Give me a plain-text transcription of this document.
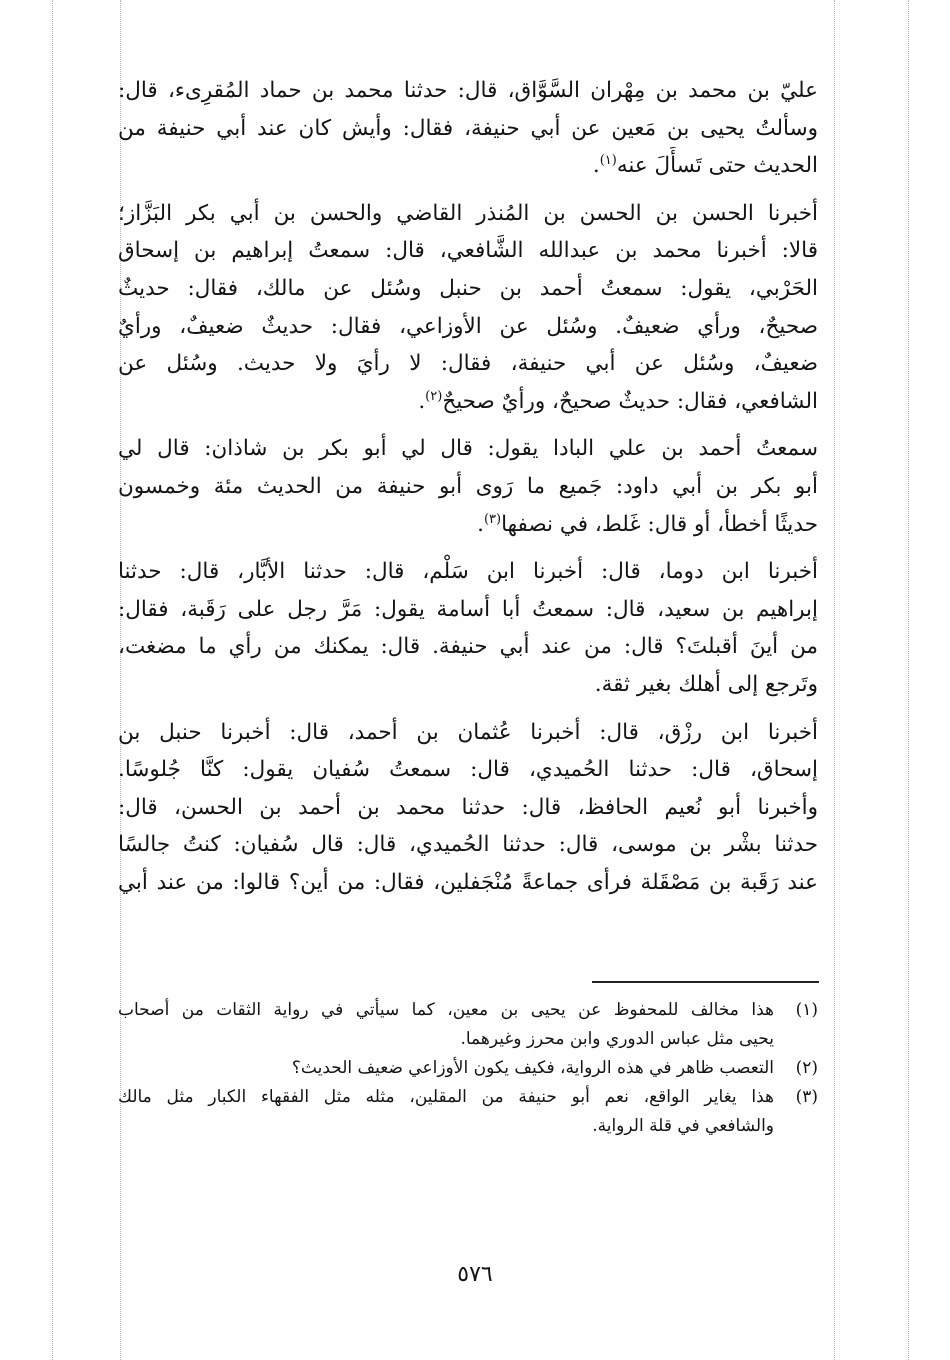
عليّ بن محمد بن مِهْران السَّوَّاق، قال: حدثنا محمد بن حماد المُقرِىء، قال:
وسألتُ يحيى بن مَعين عن أبي حنيفة، فقال: وأيش كان عند أبي حنيفة من
الحديث حتى تَسأَلَ عنه$^{(١)}$.

أخبرنا الحسن بن الحسن بن المُنذر القاضي والحسن بن أبي بكر البَزَّاز؛
قالا: أخبرنا محمد بن عبدالله الشَّافعي، قال: سمعتُ إبراهيم بن إسحاق
الحَرْبي، يقول: سمعتُ أحمد بن حنبل وسُئل عن مالك، فقال: حديثٌ
صحيحٌ، ورأي ضعيفٌ. وسُئل عن الأوزاعي، فقال: حديثٌ ضعيفٌ، ورأيٌ
ضعيفٌ، وسُئل عن أبي حنيفة، فقال: لا رأيَ ولا حديث. وسُئل عن
الشافعي، فقال: حديثٌ صحيحٌ، ورأيٌ صحيحٌ$^{(٢)}$.

سمعتُ أحمد بن علي البادا يقول: قال لي أبو بكر بن شاذان: قال لي
أبو بكر بن أبي داود: جَميع ما رَوى أبو حنيفة من الحديث مئة وخمسون
حديثًا أخطأ، أو قال: غَلط، في نصفها$^{(٣)}$.

أخبرنا ابن دوما، قال: أخبرنا ابن سَلْم، قال: حدثنا الأبَّار، قال: حدثنا
إبراهيم بن سعيد، قال: سمعتُ أبا أسامة يقول: مَرَّ رجل على رَقَبة، فقال:
من أينَ أقبلتَ؟ قال: من عند أبي حنيفة. قال: يمكنك من رأي ما مضغت،
وتَرجع إلى أهلك بغير ثقة.

أخبرنا ابن رزْق، قال: أخبرنا عُثمان بن أحمد، قال: أخبرنا حنبل بن
إسحاق، قال: حدثنا الحُميدي، قال: سمعتُ سُفيان يقول: كنَّا جُلوسًا.
وأخبرنا أبو نُعيم الحافظ، قال: حدثنا محمد بن أحمد بن الحسن، قال:
حدثنا بشْر بن موسى، قال: حدثنا الحُميدي، قال: قال سُفيان: كنتُ جالسًا
عند رَقَبة بن مَصْقَلة فرأى جماعةً مُنْجَفلين، فقال: من أين؟ قالوا: من عند أبي

(١)
هذا مخالف للمحفوظ عن يحيى بن معين، كما سيأتي في رواية الثقات من أصحاب
يحيى مثل عباس الدوري وابن محرز وغيرهما.
(٢)
التعصب ظاهر في هذه الرواية، فكيف يكون الأوزاعي ضعيف الحديث؟
(٣)
هذا يغاير الواقع، نعم أبو حنيفة من المقلين، مثله مثل الفقهاء الكبار مثل مالك
والشافعي في قلة الرواية.
٥٧٦
